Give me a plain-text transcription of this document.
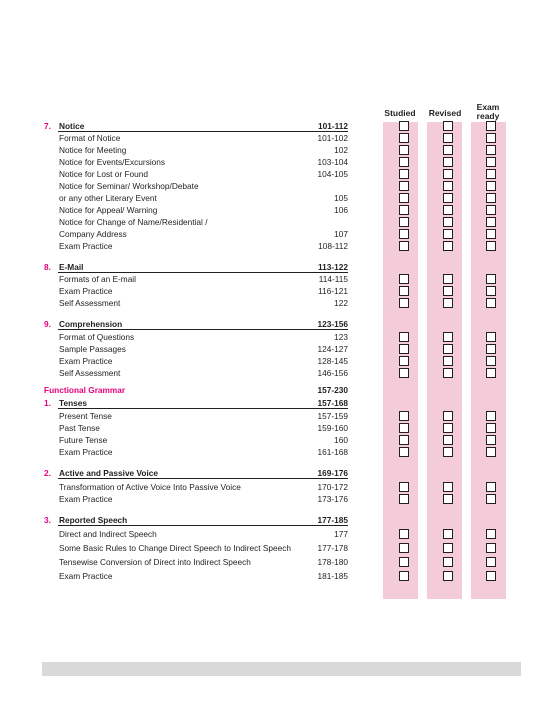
Studied	Revised
Exam
ready
7. Notice	101-112
Format of Notice	101-102
Notice for Meeting	102
Notice for Events/Excursions	103-104
Notice for Lost or Found	104-105
Notice for Seminar/ Workshop/Debate
or any other Literary Event	105
Notice for Appeal/ Warning	106
Notice for Change of Name/Residential /
Company Address	107
Exam Practice	108-112
8. E-Mail	113-122
Formats of an E-mail	114-115
Exam Practice	116-121
Self Assessment	122
9. Comprehension	123-156
Format of Questions	123
Sample Passages	124-127
Exam Practice	128-145
Self Assessment	146-156
Functional Grammar	157-230
1. Tenses	157-168
Present Tense	157-159
Past Tense	159-160
Future Tense	160
Exam Practice	161-168
2. Active and Passive Voice	169-176
Transformation of Active Voice Into Passive Voice	170-172
Exam Practice	173-176
3. Reported Speech	177-185
Direct and Indirect Speech	177
Some Basic Rules to Change Direct Speech to Indirect Speech	177-178
Tensewise Conversion of Direct into Indirect Speech	178-180
Exam Practice	181-185
